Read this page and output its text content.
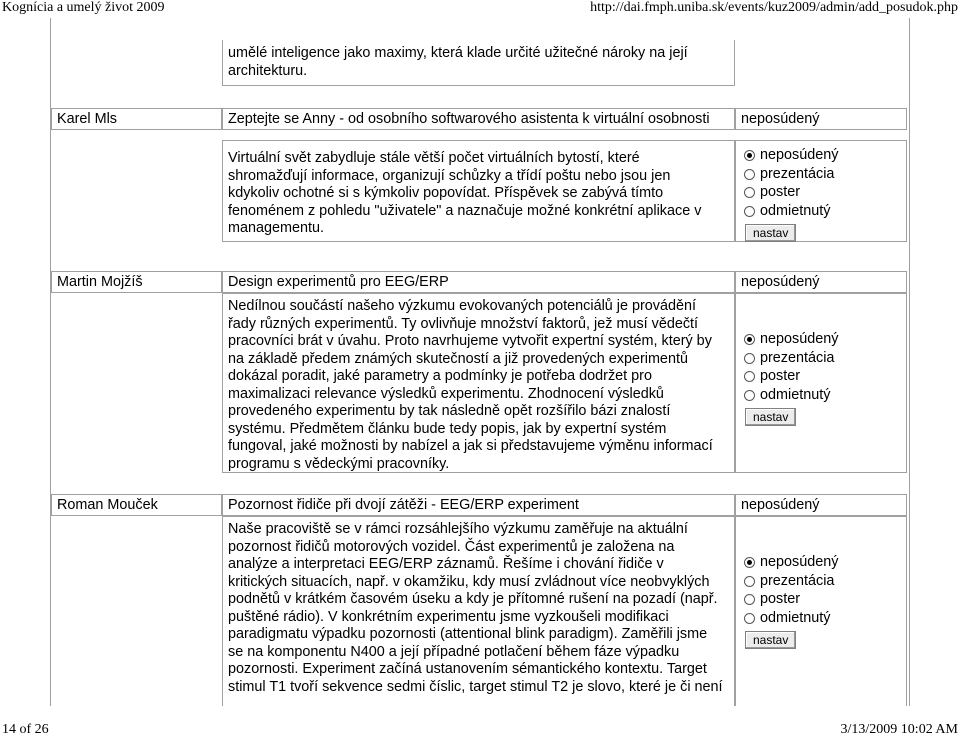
Kognícia a umelý život 2009	http://dai.fmph.uniba.sk/events/kuz2009/admin/add_posudok.php
14 of 26	3/13/2009 10:02 AM
umělé inteligence jako maximy, která klade určité užitečné nároky na její
architekturu.
Karel Mls	Zeptejte se Anny - od osobního softwarového asistenta k virtuální osobnosti	neposúdený
Virtuální svět zabydluje stále větší počet virtuálních bytostí, které
shromažďují informace, organizují schůzky a třídí poštu nebo jsou jen
kdykoliv ochotné si s kýmkoliv popovídat. Příspěvek se zabývá tímto
fenoménem z pohledu "uživatele" a naznačuje možné konkrétní aplikace v
managementu.
neposúdený
prezentácia
poster
odmietnutý
nastav
Martin Mojžíš	Design experimentů pro EEG/ERP	neposúdený
Nedílnou součástí našeho výzkumu evokovaných potenciálů je provádění
řady různých experimentů. Ty ovlivňuje množství faktorů, jež musí vědečtí
pracovníci brát v úvahu. Proto navrhujeme vytvořit expertní systém, který by
na základě předem známých skutečností a již provedených experimentů
dokázal poradit, jaké parametry a podmínky je potřeba dodržet pro
maximalizaci relevance výsledků experimentu. Zhodnocení výsledků
provedeného experimentu by tak následně opět rozšířilo bázi znalostí
systému. Předmětem článku bude tedy popis, jak by expertní systém
fungoval, jaké možnosti by nabízel a jak si představujeme výměnu informací
programu s vědeckými pracovníky.
neposúdený
prezentácia
poster
odmietnutý
nastav
Roman Mouček	Pozornost řidiče při dvojí zátěži - EEG/ERP experiment	neposúdený
Naše pracoviště se v rámci rozsáhlejšího výzkumu zaměřuje na aktuální
pozornost řidičů motorových vozidel. Část experimentů je založena na
analýze a interpretaci EEG/ERP záznamů. Řešíme i chování řidiče v
kritických situacích, např. v okamžiku, kdy musí zvládnout více neobvyklých
podnětů v krátkém časovém úseku a kdy je přítomné rušení na pozadí (např.
puštěné rádio). V konkrétním experimentu jsme vyzkoušeli modifikaci
paradigmatu výpadku pozornosti (attentional blink paradigm). Zaměřili jsme
se na komponentu N400 a její případné potlačení během fáze výpadku
pozornosti. Experiment začíná ustanovením sémantického kontextu. Target
stimul T1 tvoří sekvence sedmi číslic, target stimul T2 je slovo, které je či není
neposúdený
prezentácia
poster
odmietnutý
nastav
